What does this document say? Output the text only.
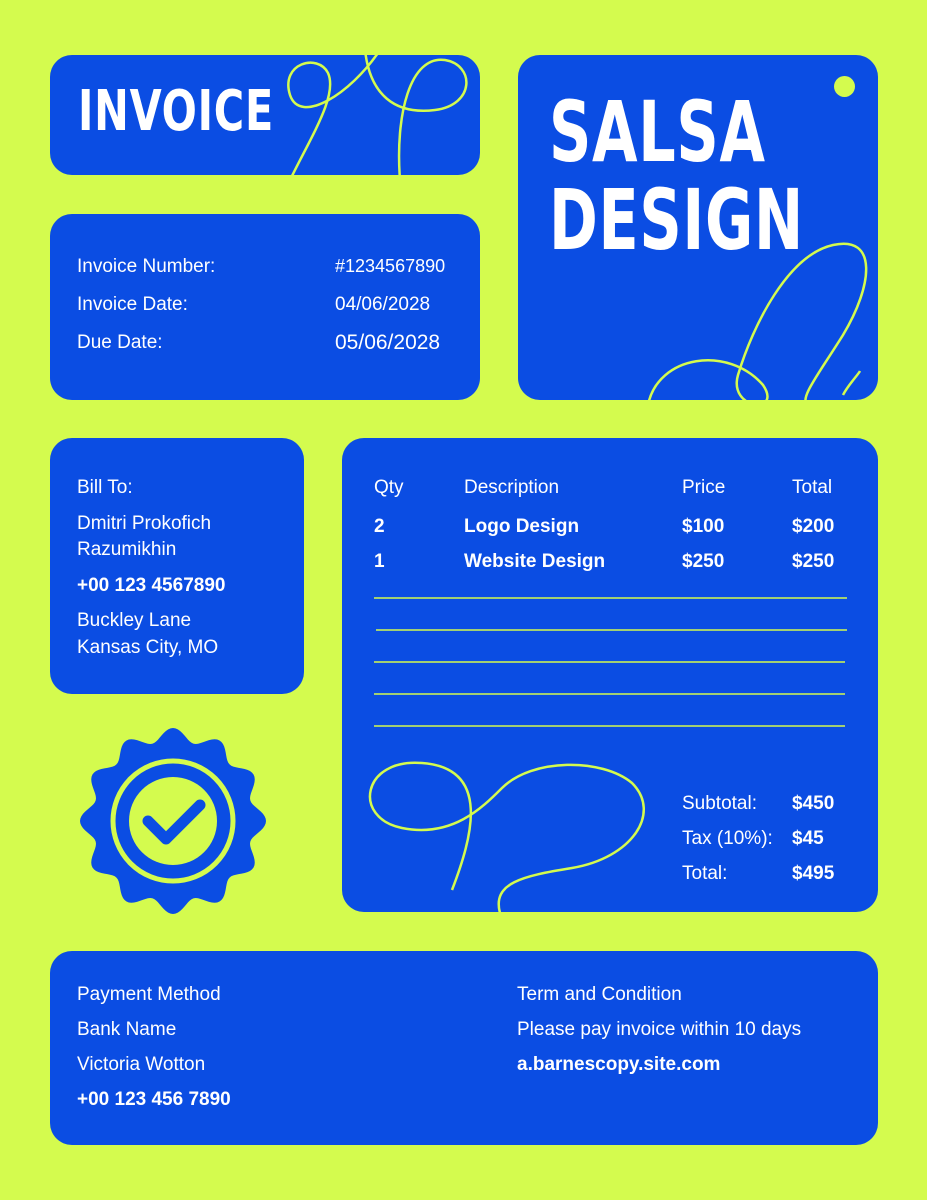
INVOICE
Invoice Number:	#1234567890
Invoice Date:	04/06/2028
Due Date:	05/06/2028
SALSA
DESIGN
Bill To:
Dmitri Prokofich
Razumikhin
+00 123 4567890
Buckley Lane
Kansas City, MO
Qty	Description	Price	Total
2	Logo Design	$100	$200
1	Website Design	$250	$250
Subtotal: $450
Tax (10%): $45
Total:	$495
Payment Method
Bank Name
Victoria Wotton
+00 123 456 7890
Term and Condition
Please pay invoice within 10 days
a.barnescopy.site.com
